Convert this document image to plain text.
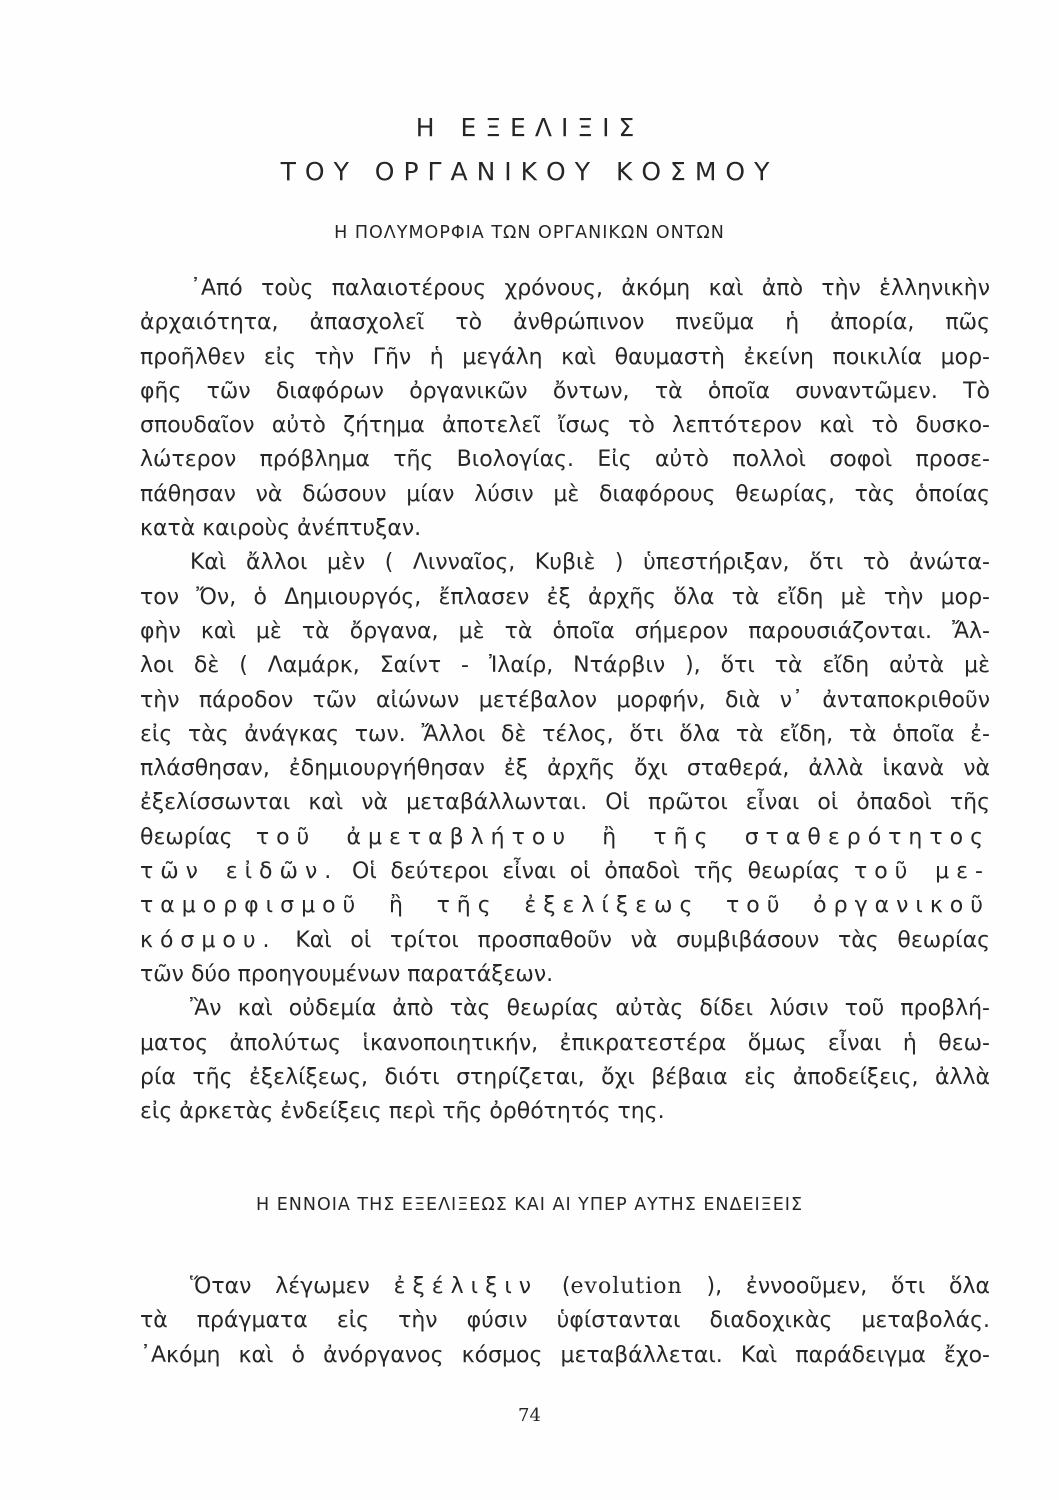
Η ΕΞΕΛΙΞΙΣ
ΤΟΥ ΟΡΓΑΝΙΚΟΥ ΚΟΣΜΟΥ
Η ΠΟΛΥΜΟΡΦΙΑ ΤΩΝ ΟΡΓΑΝΙΚΩΝ ΟΝΤΩΝ
᾿Από τοὺς παλαιοτέρους χρόνους, ἀκόμη καὶ ἀπὸ τὴν ἑλληνικὴν
ἀρχαιότητα, ἀπασχολεῖ τὸ ἀνθρώπινον πνεῦμα ἡ ἀπορία, πῶς
προῆλθεν εἰς τὴν Γῆν ἡ μεγάλη καὶ θαυμαστὴ ἐκείνη ποικιλία μορ-
φῆς τῶν διαφόρων ὀργανικῶν ὄντων, τὰ ὁποῖα συναντῶμεν. Τὸ
σπουδαῖον αὐτὸ ζήτημα ἀποτελεῖ ἴσως τὸ λεπτότερον καὶ τὸ δυσκο-
λώτερον πρόβλημα τῆς Βιολογίας. Εἰς αὐτὸ πολλοὶ σοφοὶ προσε-
πάθησαν νὰ δώσουν μίαν λύσιν μὲ διαφόρους θεωρίας, τὰς ὁποίας
κατὰ καιροὺς ἀνέπτυξαν.
Καὶ ἄλλοι μὲν ( Λινναῖος, Κυβιὲ ) ὑπεστήριξαν, ὅτι τὸ ἀνώτα-
τον Ὄν, ὁ Δημιουργός, ἔπλασεν ἐξ ἀρχῆς ὅλα τὰ εἴδη μὲ τὴν μορ-
φὴν καὶ μὲ τὰ ὄργανα, μὲ τὰ ὁποῖα σήμερον παρουσιάζονται. Ἄλ-
λοι δὲ ( Λαμάρκ, Σαίντ - Ἰλαίρ, Ντάρβιν ), ὅτι τὰ εἴδη αὐτὰ μὲ
τὴν πάροδον τῶν αἰώνων μετέβαλον μορφήν, διὰ ν᾿ ἀνταποκριθοῦν
εἰς τὰς ἀνάγκας των. Ἄλλοι δὲ τέλος, ὅτι ὅλα τὰ εἴδη, τὰ ὁποῖα ἐ-
πλάσθησαν, ἐδημιουργήθησαν ἐξ ἀρχῆς ὄχι σταθερά, ἀλλὰ ἱκανὰ νὰ
ἐξελίσσωνται καὶ νὰ μεταβάλλωνται. Οἱ πρῶτοι εἶναι οἱ ὀπαδοὶ τῆς
θεωρίας τοῦ ἀμεταβλήτου ἢ τῆς σταθερότητος
τῶν εἰδῶν. Οἱ δεύτεροι εἶναι οἱ ὀπαδοὶ τῆς θεωρίας τοῦ με-
ταμορφισμοῦ ἢ τῆς ἐξελίξεως τοῦ ὀργανικοῦ
κόσμου. Καὶ οἱ τρίτοι προσπαθοῦν νὰ συμβιβάσουν τὰς θεωρίας
τῶν δύο προηγουμένων παρατάξεων.
Ἂν καὶ οὐδεμία ἀπὸ τὰς θεωρίας αὐτὰς δίδει λύσιν τοῦ προβλή-
ματος ἀπολύτως ἱκανοποιητικήν, ἐπικρατεστέρα ὅμως εἶναι ἡ θεω-
ρία τῆς ἐξελίξεως, διότι στηρίζεται, ὄχι βέβαια εἰς ἀποδείξεις, ἀλλὰ
εἰς ἀρκετὰς ἐνδείξεις περὶ τῆς ὀρθότητός της.
Η ΕΝΝΟΙΑ ΤΗΣ ΕΞΕΛΙΞΕΩΣ ΚΑΙ ΑΙ ΥΠΕΡ ΑΥΤΗΣ ΕΝΔΕΙΞΕΙΣ
Ὅταν λέγωμεν ἐξέλιξιν (evolution ), ἐννοοῦμεν, ὅτι ὅλα
τὰ πράγματα εἰς τὴν φύσιν ὑφίστανται διαδοχικὰς μεταβολάς.
᾿Ακόμη καὶ ὁ ἀνόργανος κόσμος μεταβάλλεται. Καὶ παράδειγμα ἔχο-
74
